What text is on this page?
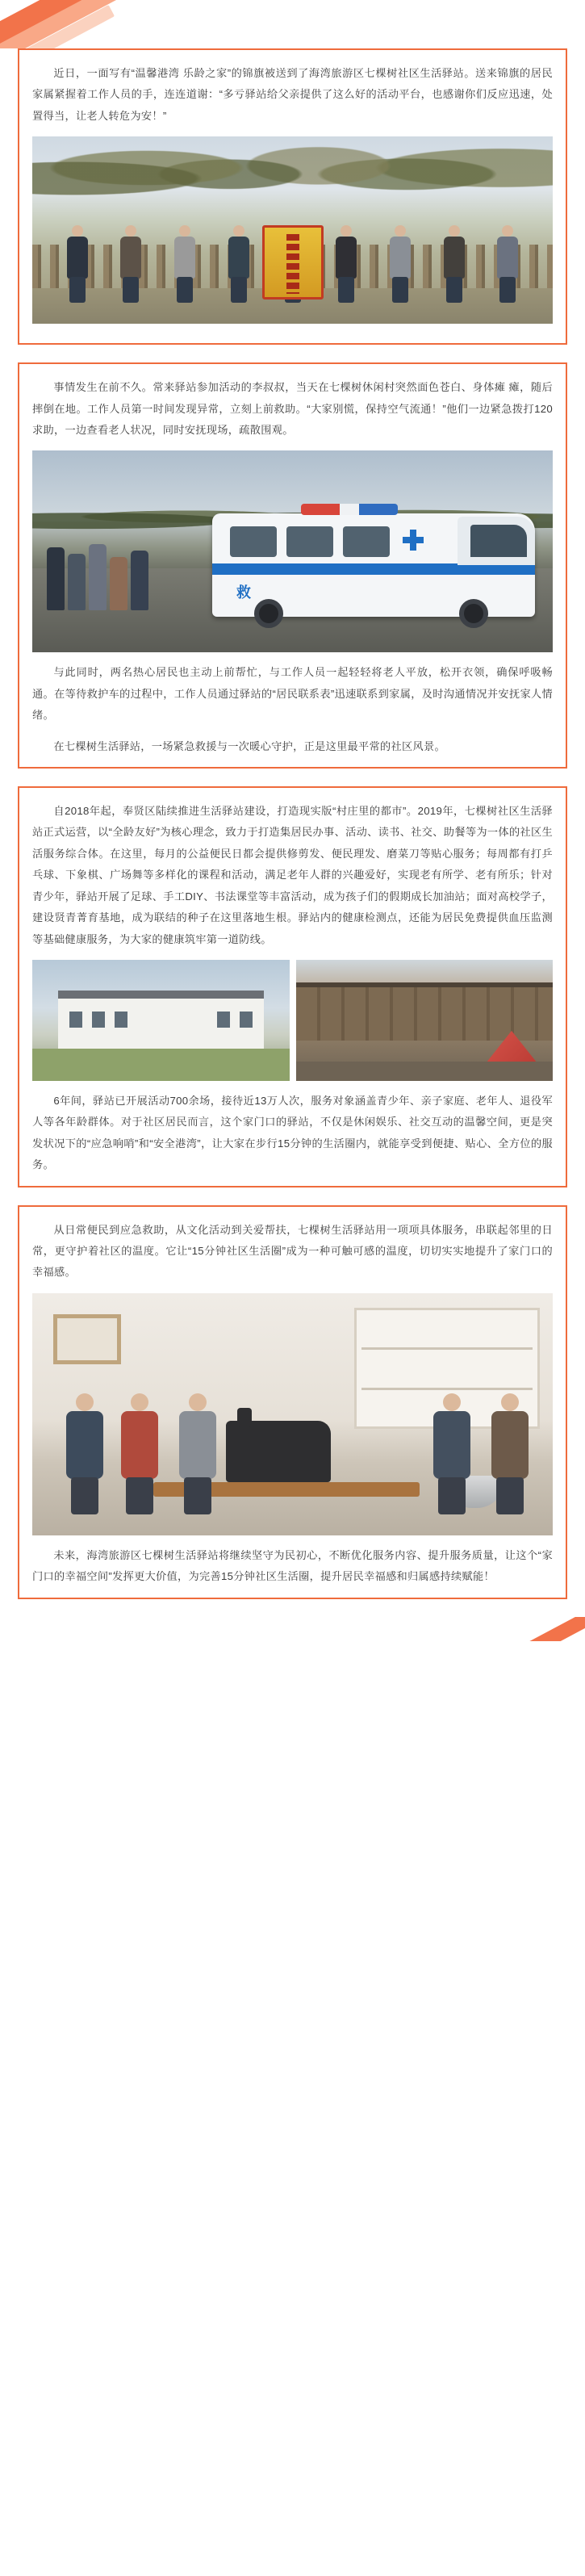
近日，一面写有“温馨港湾 乐龄之家”的锦旗被送到了海湾旅游区七棵树社区生活驿站。送来锦旗的居民家属紧握着工作人员的手，连连道谢：“多亏驿站给父亲提供了这么好的活动平台，也感谢你们反应迅速，处置得当，让老人转危为安！”

事情发生在前不久。常来驿站参加活动的李叔叔，当天在七棵树休闲村突然面色苍白、身体瘫 瘫，随后摔倒在地。工作人员第一时间发现异常，立刻上前救助。“大家别慌，保持空气流通！”他们一边紧急拨打120求助，一边查看老人状况，同时安抚现场，疏散围观。

救

与此同时，两名热心居民也主动上前帮忙，与工作人员一起轻轻将老人平放，松开衣领，确保呼吸畅通。在等待救护车的过程中，工作人员通过驿站的“居民联系表”迅速联系到家属，及时沟通情况并安抚家人情绪。

在七棵树生活驿站，一场紧急救援与一次暖心守护，正是这里最平常的社区风景。

自2018年起，奉贤区陆续推进生活驿站建设，打造现实版“村庄里的都市”。2019年，七棵树社区生活驿站正式运营，以“全龄友好”为核心理念，致力于打造集居民办事、活动、读书、社交、助餐等为一体的社区生活服务综合体。在这里，每月的公益便民日都会提供修剪发、便民理发、磨菜刀等贴心服务；每周都有打乒乓球、下象棋、广场舞等多样化的课程和活动，满足老年人群的兴趣爱好，实现老有所学、老有所乐；针对青少年，驿站开展了足球、手工DIY、书法课堂等丰富活动，成为孩子们的假期成长加油站；面对高校学子，建设贤青菁育基地，成为联结的种子在这里落地生根。驿站内的健康检测点，还能为居民免费提供血压监测等基础健康服务，为大家的健康筑牢第一道防线。

6年间，驿站已开展活动700余场，接待近13万人次，服务对象涵盖青少年、亲子家庭、老年人、退役军人等各年龄群体。对于社区居民而言，这个家门口的驿站，不仅是休闲娱乐、社交互动的温馨空间，更是突发状况下的“应急响哨”和“安全港湾”，让大家在步行15分钟的生活圈内，就能享受到便捷、贴心、全方位的服务。

从日常便民到应急救助，从文化活动到关爱帮扶，七棵树生活驿站用一项项具体服务，串联起邻里的日常，更守护着社区的温度。它让“15分钟社区生活圈”成为一种可触可感的温度，切切实实地提升了家门口的幸福感。

未来，海湾旅游区七棵树生活驿站将继续坚守为民初心，不断优化服务内容、提升服务质量，让这个“家门口的幸福空间”发挥更大价值，为完善15分钟社区生活圈，提升居民幸福感和归属感持续赋能！
